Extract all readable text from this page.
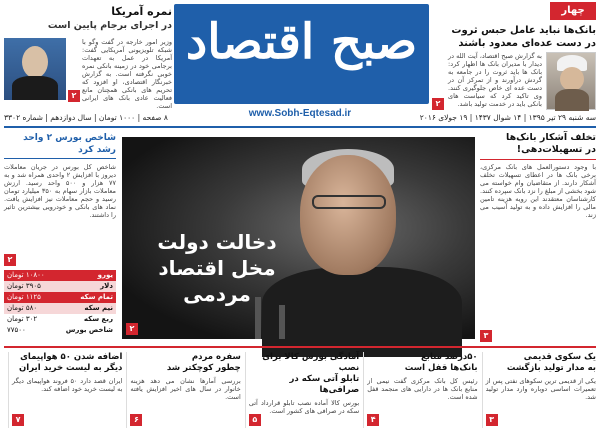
چهار
صبح اقتصاد
www.Sobh-Eqtesad.ir
نمره آمریکا
در اجرای برجام پایین است
۲
وزیر امور خارجه در گفت وگو با شبکه تلویزیونی آمریکایی گفت: آمریکا در عمل به تعهدات برجامی خود در زمینه بانکی نمره خوبی نگرفته است. به گزارش خبرنگار اقتصادی، او افزود که تحریم های بانکی همچنان مانع فعالیت عادی بانک های ایرانی است.
بانک‌ها نباید عامل حبس ثروت
در دست عده‌ای معدود باشند
به گزارش صبح اقتصاد، آیت الله در دیدار با مدیران بانک ها اظهار کرد: بانک ها باید ثروت را در جامعه به گردش درآورند و از تمرکز آن در دست عده ای خاص جلوگیری کنند. وی تاکید کرد که سیاست های بانکی باید در خدمت تولید باشد.
۲
سه شنبه ۲۹ تیر ۱۳۹۵ | ۱۴ شوال ۱۴۳۷ | ۱۹ جولای ۲۰۱۶
۸ صفحه | ۱۰۰۰ تومان | سال دوازدهم | شماره ۳۳۰۲
شاخص بورس ۲ واحد رشد کرد
شاخص کل بورس در جریان معاملات دیروز با افزایش ۲ واحدی همراه شد و به ۷۷ هزار و ۵۰۰ واحد رسید. ارزش معاملات بازار سهام به ۳۵۰ میلیارد تومان رسید و حجم معاملات نیز افزایش یافت. نماد های بانکی و خودرویی بیشترین تاثیر را داشتند.
۲
یورو
۱۰۸۰۰ تومان
دلار
۳۹۰۵ تومان
تمام سکه
۱۱۲۵ تومان
نیم سکه
۵۸۰ تومان
ربع سکه
۳۰۲ تومان
شاخص بورس
۷۷۵۰۰
دخالت دولت مخل اقتصاد مردمی
۲
تخلف آشکار بانک‌ها
در تسهیلات‌دهی!
با وجود دستورالعمل های بانک مرکزی، برخی بانک ها در اعطای تسهیلات تخلف آشکار دارند. از متقاضیان وام خواسته می شود بخشی از مبلغ را نزد بانک سپرده کنند. کارشناسان معتقدند این رویه هزینه تامین مالی را افزایش داده و به تولید آسیب می زند.
۳
یک سکوی قدیمی
به مدار تولید بازگشت
یکی از قدیمی ترین سکوهای نفتی پس از تعمیرات اساسی دوباره وارد مدار تولید شد.
۳
۵۰درصد منابع
بانک‌ها قفل است
رئیس کل بانک مرکزی گفت نیمی از منابع بانک ها در دارایی های منجمد قفل شده است.
۴
آمادگی بورس کالا برای نصب
تابلو آتی سکه در صرافی‌ها
بورس کالا آماده نصب تابلو قرارداد آتی سکه در صرافی های کشور است.
۵
سفره مردم
چطور کوچکتر شد
بررسی آمارها نشان می دهد هزینه خانوار در سال های اخیر افزایش یافته است.
۶
اضافه شدن ۵۰ هواپیمای
دیگر به لیست خرید ایران
ایران قصد دارد ۵۰ فروند هواپیمای دیگر به لیست خرید خود اضافه کند.
۷
